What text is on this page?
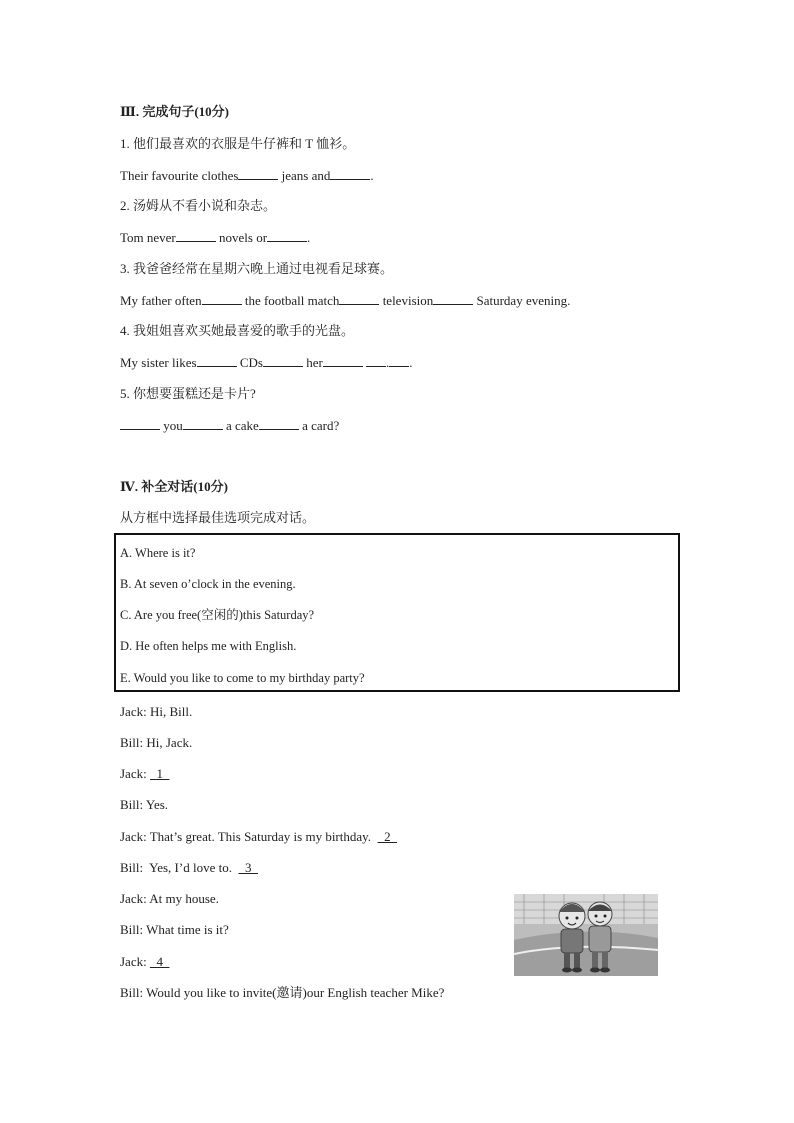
Ⅲ. 完成句子(10分)
1. 他们最喜欢的衣服是牛仔裤和 T 恤衫。
Their favourite clothes	jeans and	.
2. 汤姆从不看小说和杂志。
Tom never	novels or	.
3. 我爸爸经常在星期六晚上通过电视看足球赛。
My father often	the football match	television	Saturday evening.
4. 我姐姐喜欢买她最喜爱的歌手的光盘。
My sister likes	CDs	her	. .
5. 你想要蛋糕还是卡片?
you	a cake	a card?
Ⅳ. 补全对话(10分)
从方框中选择最佳选项完成对话。
A. Where is it?
B. At seven o’clock in the evening.
C. Are you free(空闲的)this Saturday?
D. He often helps me with English.
E. Would you like to come to my birthday party?
Jack: Hi, Bill.
Bill: Hi, Jack.
Jack:   1
Bill: Yes.
Jack: That’s great. This Saturday is my birthday.    2
Bill:  Yes, I’d love to.    3
Jack: At my house.
Bill: What time is it?
Jack:   4
Bill: Would you like to invite(邀请)our English teacher Mike?
